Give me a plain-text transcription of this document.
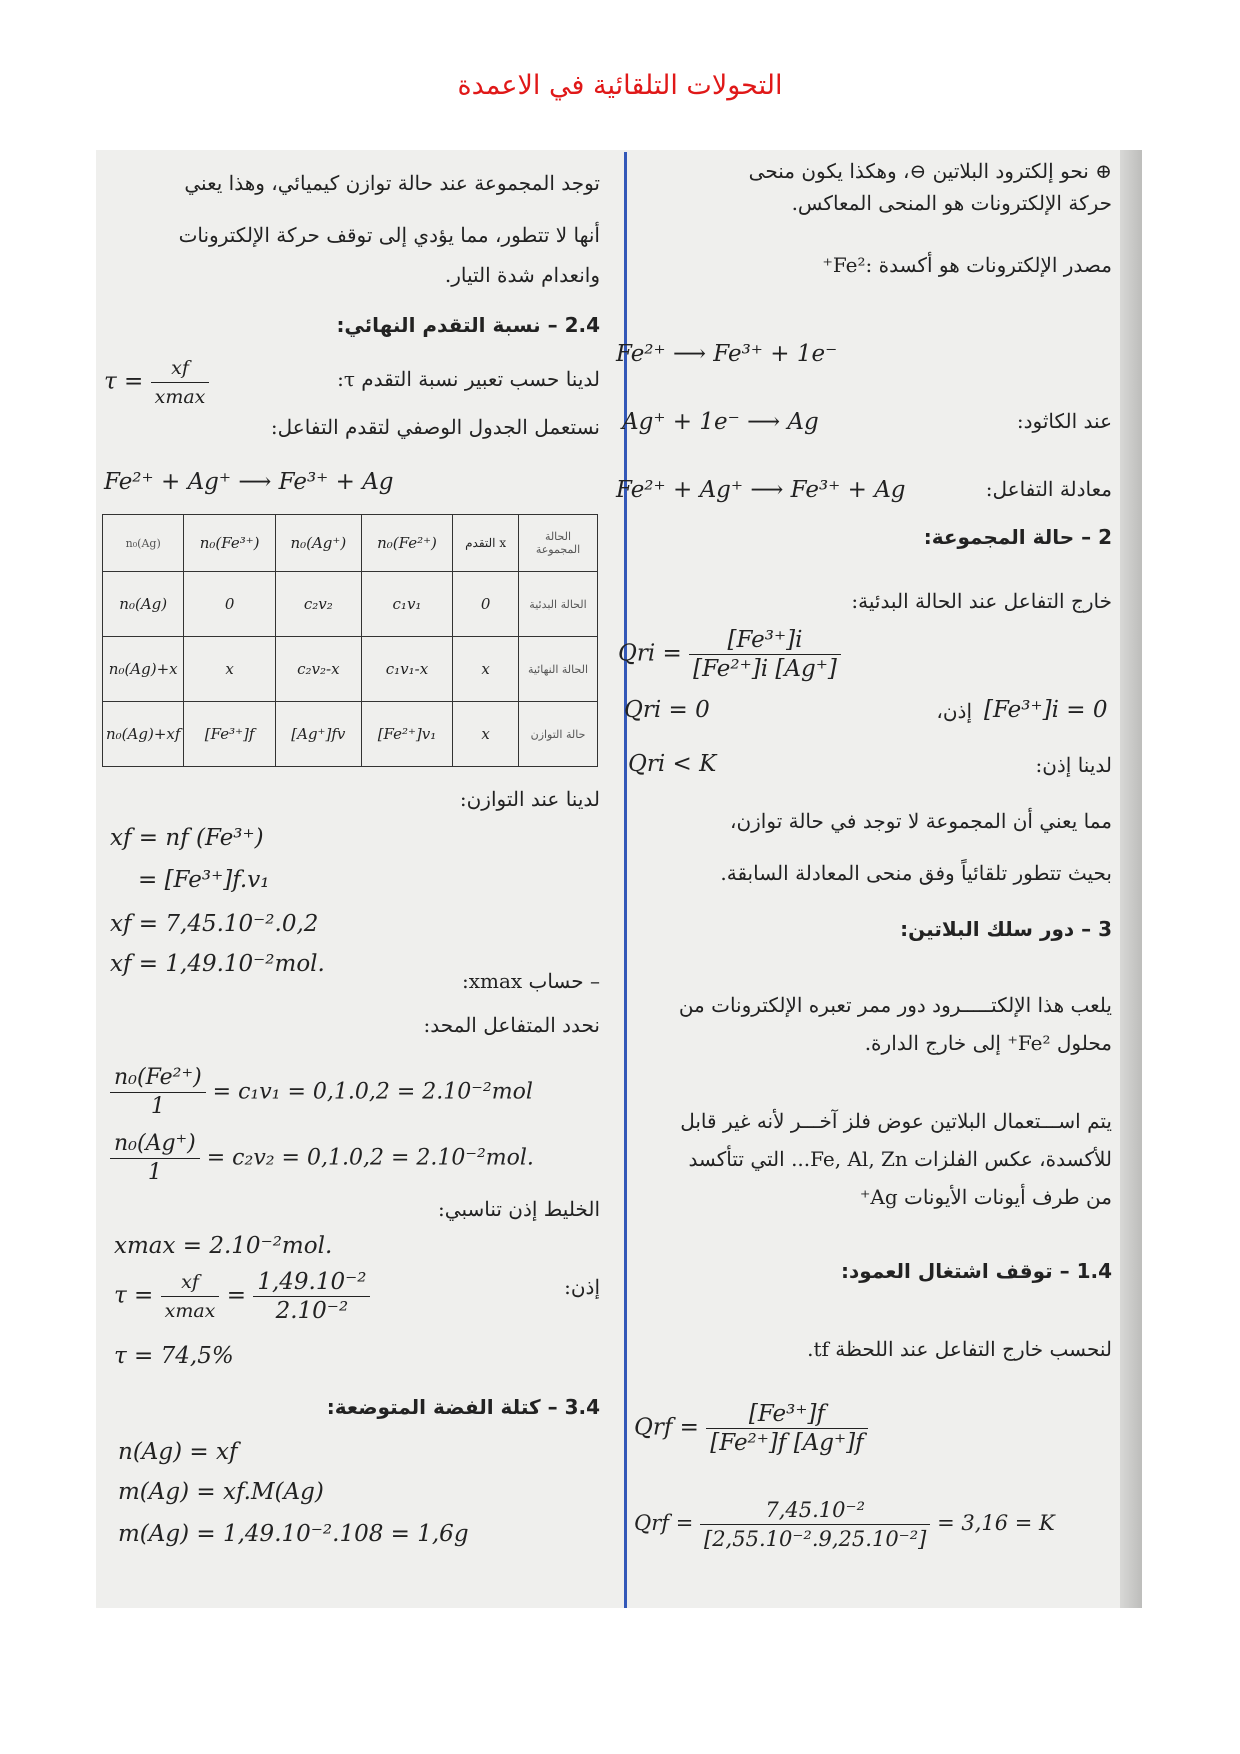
التحولات التلقائية في الاعمدة
⊕ نحو إلكترود البلاتين ⊖، وهكذا يكون منحى
حركة الإلكترونات هو المنحى المعاكس.
مصدر الإلكترونات هو أكسدة :Fe²⁺
Fe²⁺ ⟶ Fe³⁺ + 1e⁻
عند الكاثود:
Ag⁺ + 1e⁻ ⟶ Ag
معادلة التفاعل:
Fe²⁺ + Ag⁺ ⟶ Fe³⁺ + Ag
2 – حالة المجموعة:
خارج التفاعل عند الحالة البدئية:
Qri = $\frac{\text{[Fe³⁺]i}}{\text{[Fe²⁺]i [Ag⁺]}}$
Qri = 0	إذن، [Fe³⁺]i = 0
لدينا إذن:
Qri < K
مما يعني أن المجموعة لا توجد في حالة توازن،
بحيث تتطور تلقائياً وفق منحى المعادلة السابقة.
3 – دور سلك البلاتين:
يلعب هذا الإلكتـــــرود دور ممر تعبره الإلكترونات من
محلول Fe²⁺ إلى خارج الدارة.
يتم اســـتعمال البلاتين عوض فلز آخـــر لأنه غير قابل
للأكسدة، عكس الفلزات Fe, Al, Zn... التي تتأكسد
من طرف أيونات الأيونات Ag⁺
1.4 – توقف اشتغال العمود:
لنحسب خارج التفاعل عند اللحظة tf.
Qrf = $\frac{\text{[Fe³⁺]f}}{\text{[Fe²⁺]f [Ag⁺]f}}$
Qrf = $\frac{\text{7,45.10⁻²}}{\text{[2,55.10⁻².9,25.10⁻²]}} = 3,16 = K$
توجد المجموعة عند حالة توازن كيميائي، وهذا يعني
أنها لا تتطور، مما يؤدي إلى توقف حركة الإلكترونات
وانعدام شدة التيار.
2.4 – نسبة التقدم النهائي:
لدينا حسب تعبير نسبة التقدم τ:
$\tau = \frac{xf}{xmax}$
نستعمل الجدول الوصفي لتقدم التفاعل:
Fe²⁺ + Ag⁺ ⟶ Fe³⁺ + Ag
n₀(Ag)	n₀(Fe³⁺)	n₀(Ag⁺)	n₀(Fe²⁺)	التقدم x	الحالة المجموعة
n₀(Ag)	0	c₂v₂	c₁v₁	0	الحالة البدئية
n₀(Ag)+x	x	c₂v₂-x	c₁v₁-x	x	الحالة النهائية
n₀(Ag)+xf	[Fe³⁺]f	[Ag⁺]fv	[Fe²⁺]v₁	x	حالة التوازن
لدينا عند التوازن:
xf = nf (Fe³⁺)
= [Fe³⁺]f.v₁
xf = 7,45.10⁻².0,2
xf = 1,49.10⁻²mol.
– حساب xmax:
نحدد المتفاعل المحد:
$\frac{\text{n₀(Fe²⁺)}}{1} = c_1v_1 = 0,1.0,2 = 2.10^{-2}mol$
$\frac{\text{n₀(Ag⁺)}}{1} = c_2v_2 = 0,1.0,2 = 2.10^{-2}mol$.
الخليط إذن تناسبي:
xmax = 2.10⁻²mol.
إذن:
$\tau = \frac{xf}{xmax} = \frac{\text{1,49.10⁻²}}{\text{2.10⁻²}}$
τ = 74,5%
3.4 – كتلة الفضة المتوضعة:
n(Ag) = xf
m(Ag) = xf.M(Ag)
m(Ag) = 1,49.10⁻².108 = 1,6g
